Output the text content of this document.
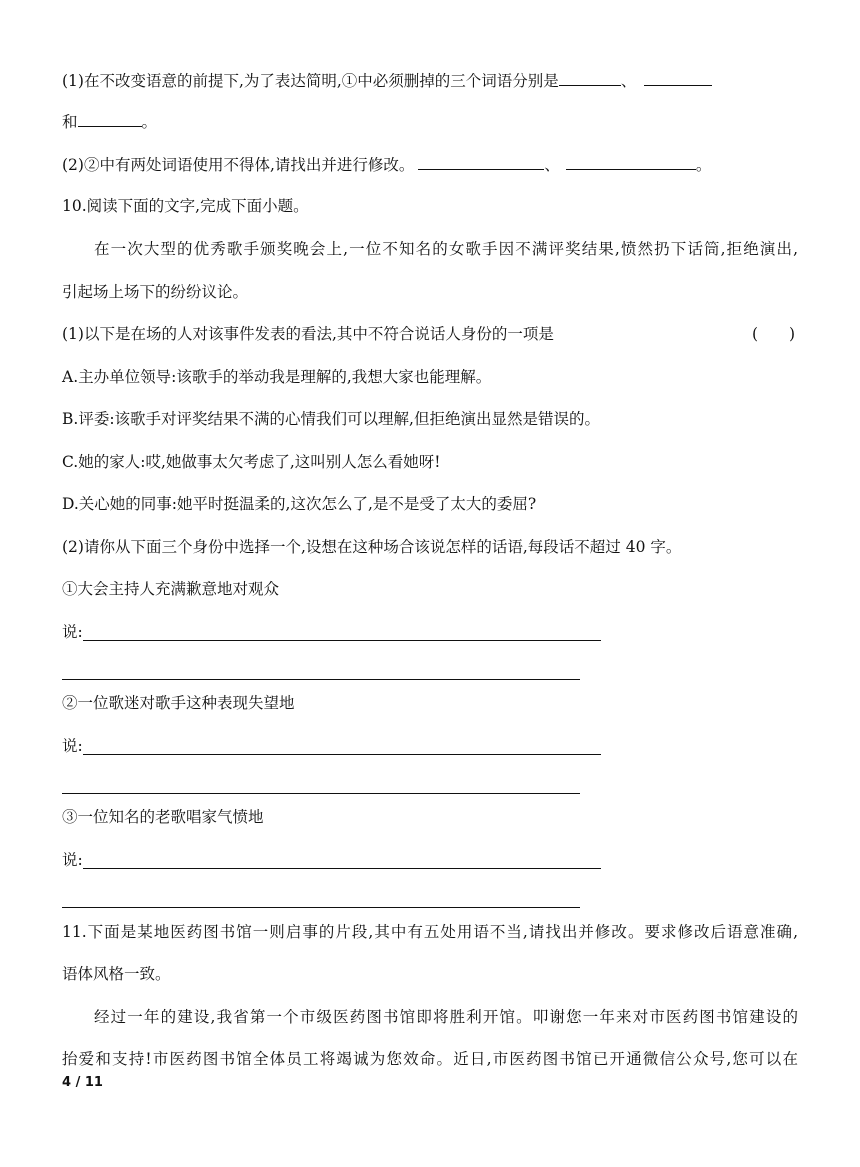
(1)在不改变语意的前提下,为了表达简明,①中必须删掉的三个词语分别是	、
和	。
(2)②中有两处词语使用不得体,请找出并进行修改。	、	。
10.阅读下面的文字,完成下面小题。
在一次大型的优秀歌手颁奖晚会上,一位不知名的女歌手因不满评奖结果,愤然扔下话筒,拒绝演出,
引起场上场下的纷纷议论。
(1)以下是在场的人对该事件发表的看法,其中不符合说话人身份的一项是	(　　)
A.主办单位领导:该歌手的举动我是理解的,我想大家也能理解。
B.评委:该歌手对评奖结果不满的心情我们可以理解,但拒绝演出显然是错误的。
C.她的家人:哎,她做事太欠考虑了,这叫别人怎么看她呀!
D.关心她的同事:她平时挺温柔的,这次怎么了,是不是受了太大的委屈?
(2)请你从下面三个身份中选择一个,设想在这种场合该说怎样的话语,每段话不超过 40 字。
①大会主持人充满歉意地对观众
说:
②一位歌迷对歌手这种表现失望地
说:
③一位知名的老歌唱家气愤地
说:
11.下面是某地医药图书馆一则启事的片段,其中有五处用语不当,请找出并修改。要求修改后语意准确,
语体风格一致。
经过一年的建设,我省第一个市级医药图书馆即将胜利开馆。叩谢您一年来对市医药图书馆建设的
抬爱和支持!市医药图书馆全体员工将竭诚为您效命。近日,市医药图书馆已开通微信公众号,您可以在
4 / 11
